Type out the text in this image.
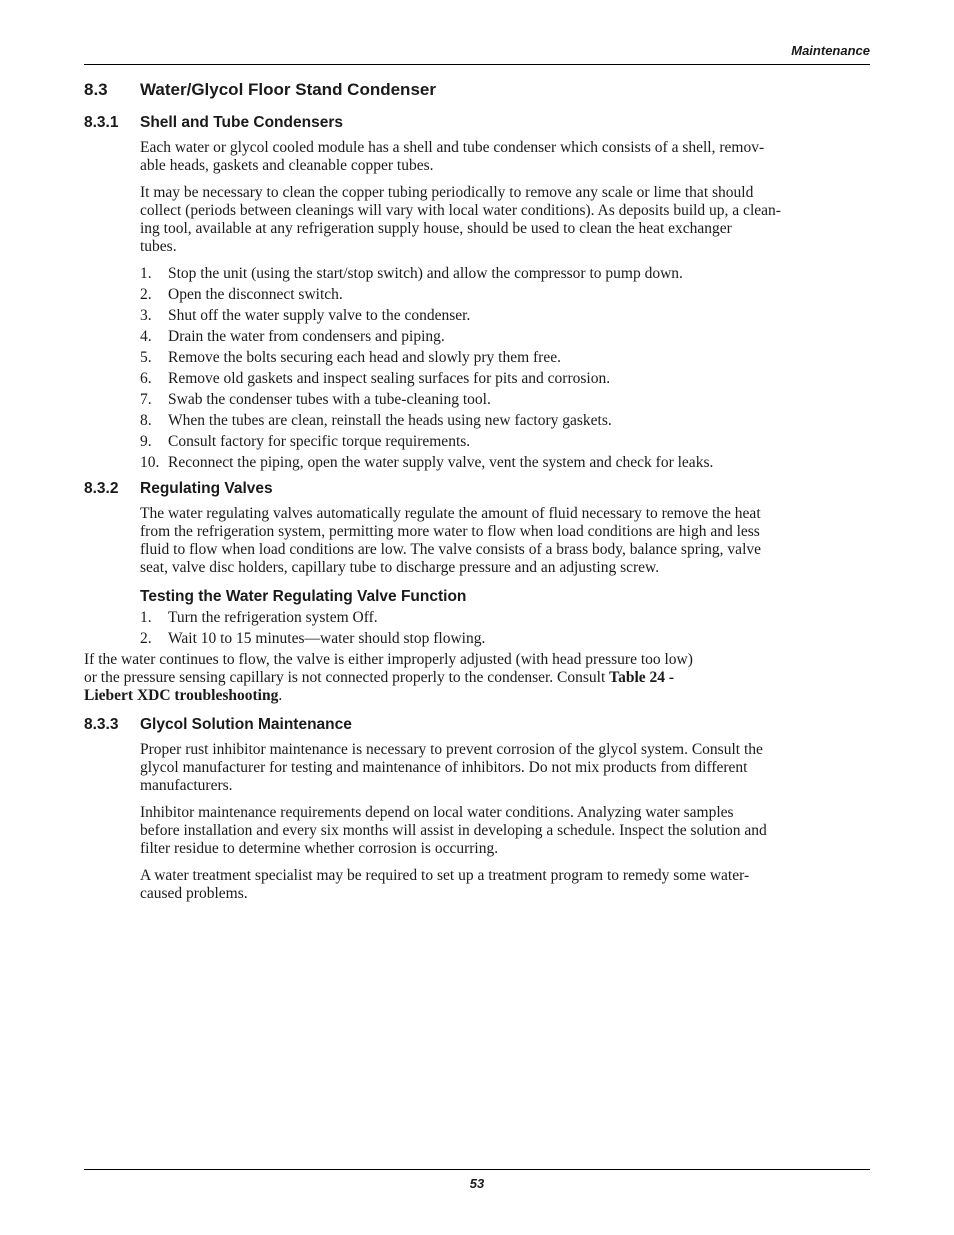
Maintenance
8.3	Water/Glycol Floor Stand Condenser
8.3.1	Shell and Tube Condensers

Each water or glycol cooled module has a shell and tube condenser which consists of a shell, remov-
able heads, gaskets and cleanable copper tubes.

It may be necessary to clean the copper tubing periodically to remove any scale or lime that should
collect (periods between cleanings will vary with local water conditions). As deposits build up, a clean-
ing tool, available at any refrigeration supply house, should be used to clean the heat exchanger
tubes.

1.	Stop the unit (using the start/stop switch) and allow the compressor to pump down.
2.	Open the disconnect switch.
3.	Shut off the water supply valve to the condenser.
4.	Drain the water from condensers and piping.
5.	Remove the bolts securing each head and slowly pry them free.
6.	Remove old gaskets and inspect sealing surfaces for pits and corrosion.
7.	Swab the condenser tubes with a tube-cleaning tool.
8.	When the tubes are clean, reinstall the heads using new factory gaskets.
9.	Consult factory for specific torque requirements.
10. Reconnect the piping, open the water supply valve, vent the system and check for leaks.
8.3.2	Regulating Valves

The water regulating valves automatically regulate the amount of fluid necessary to remove the heat
from the refrigeration system, permitting more water to flow when load conditions are high and less
fluid to flow when load conditions are low. The valve consists of a brass body, balance spring, valve
seat, valve disc holders, capillary tube to discharge pressure and an adjusting screw.

Testing the Water Regulating Valve Function
1.	Turn the refrigeration system Off.
2.	Wait 10 to 15 minutes—water should stop flowing.

If the water continues to flow, the valve is either improperly adjusted (with head pressure too low)
or the pressure sensing capillary is not connected properly to the condenser. Consult Table 24 -
Liebert XDC troubleshooting.

8.3.3	Glycol Solution Maintenance

Proper rust inhibitor maintenance is necessary to prevent corrosion of the glycol system. Consult the
glycol manufacturer for testing and maintenance of inhibitors. Do not mix products from different
manufacturers.

Inhibitor maintenance requirements depend on local water conditions. Analyzing water samples
before installation and every six months will assist in developing a schedule. Inspect the solution and
filter residue to determine whether corrosion is occurring.

A water treatment specialist may be required to set up a treatment program to remedy some water-
caused problems.

53
